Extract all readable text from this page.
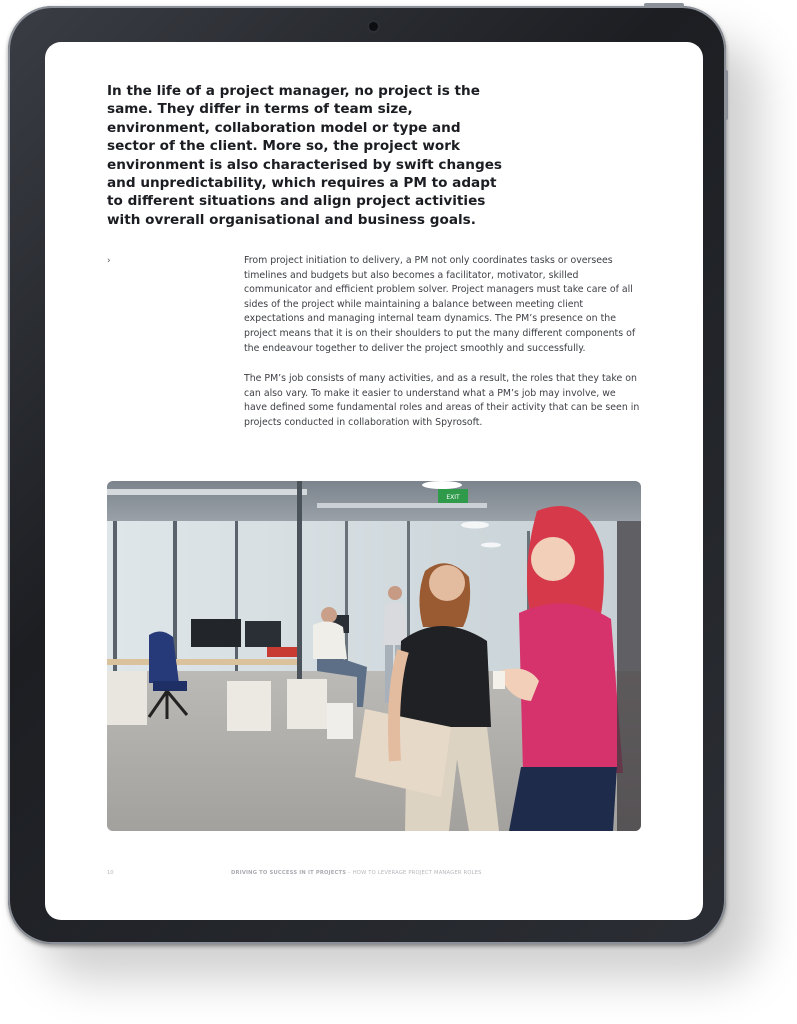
In the life of a project manager, no project is the same. They differ in terms of team size, environment, collaboration model or type and sector of the client. More so, the project work environment is also characterised by swift changes and unpredictability, which requires a PM to adapt to different situations and align project activities with ovrerall organisational and business goals.

›	From project initiation to delivery, a PM not only coordinates tasks or oversees timelines and budgets but also becomes a facilitator, motivator, skilled communicator and efficient problem solver. Project managers must take care of all sides of the project while maintaining a balance between meeting client expectations and managing internal team dynamics. The PM’s presence on the project means that it is on their shoulders to put the many different components of the endeavour together to deliver the project smoothly and successfully.

The PM’s job consists of many activities, and as a result, the roles that they take on can also vary. To make it easier to understand what a PM’s job may involve, we have defined some fundamental roles and areas of their activity that can be seen in projects conducted in collaboration with Spyrosoft.

EXIT
10	DRIVING TO SUCCESS IN IT PROJECTS – HOW TO LEVERAGE PROJECT MANAGER ROLES
